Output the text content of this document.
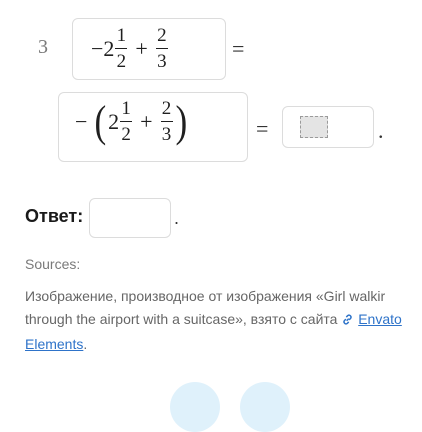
$3 - 2 \frac{1}{2} + \frac{2}{3}$	=
− ( $2 \frac{1}{2} + \frac{2}{3}$ )	=	.
Ответ:	.
Sources:
Изображение, производное от изображения «Girl walkir through the airport with a suitcase», взято с сайта Envato Elements.
